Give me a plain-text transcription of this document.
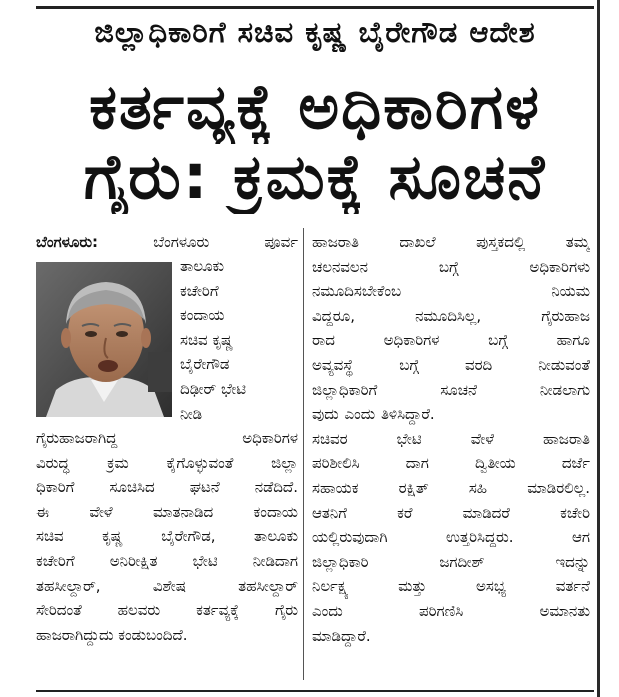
ಜಿಲ್ಲಾಧಿಕಾರಿಗೆ ಸಚಿವ ಕೃಷ್ಣ ಬೈರೇಗೌಡ ಆದೇಶ
ಕರ್ತವ್ಯಕ್ಕೆ ಅಧಿಕಾರಿಗಳ
ಗೈರು: ಕ್ರಮಕ್ಕೆ ಸೂಚನೆ
ಬೆಂಗಳೂರು:	ಬೆಂಗಳೂರು ಪೂರ್ವ
ತಾಲೂಕು
ಕಚೇರಿಗೆ
ಕಂದಾಯ
ಸಚಿವ ಕೃಷ್ಣ
ಬೈರೇಗೌಡ
ದಿಢೀರ್ ಭೇಟಿ
ನೀಡಿ
ಗೈರುಹಾಜರಾಗಿದ್ದ ಅಧಿಕಾರಿಗಳ
ವಿರುದ್ಧ ಕ್ರಮ ಕೈಗೊಳ್ಳುವಂತೆ ಜಿಲ್ಲಾ
ಧಿಕಾರಿಗೆ ಸೂಚಿಸಿದ ಘಟನೆ ನಡೆದಿದೆ.
ಈ ವೇಳೆ ಮಾತನಾಡಿದ ಕಂದಾಯ
ಸಚಿವ ಕೃಷ್ಣ ಬೈರೇಗೌಡ, ತಾಲೂಕು
ಕಚೇರಿಗೆ ಅನಿರೀಕ್ಷಿತ ಭೇಟಿ ನೀಡಿದಾಗ
ತಹಸೀಲ್ದಾರ್, ವಿಶೇಷ ತಹಸೀಲ್ದಾರ್
ಸೇರಿದಂತೆ ಹಲವರು ಕರ್ತವ್ಯಕ್ಕೆ ಗೈರು
ಹಾಜರಾಗಿದ್ದುದು ಕಂಡುಬಂದಿದೆ.
ಹಾಜರಾತಿ ದಾಖಲೆ ಪುಸ್ತಕದಲ್ಲಿ ತಮ್ಮ
ಚಲನವಲನ ಬಗ್ಗೆ ಅಧಿಕಾರಿಗಳು
ನಮೂದಿಸಬೇಕೆಂಬ ನಿಯಮ
ವಿದ್ದರೂ, ನಮೂದಿಸಿಲ್ಲ, ಗೈರುಹಾಜ
ರಾದ ಅಧಿಕಾರಿಗಳ ಬಗ್ಗೆ ಹಾಗೂ
ಅವ್ಯವಸ್ಥೆ ಬಗ್ಗೆ ವರದಿ ನೀಡುವಂತೆ
ಜಿಲ್ಲಾಧಿಕಾರಿಗೆ ಸೂಚನೆ ನೀಡಲಾಗು
ವುದು ಎಂದು ತಿಳಿಸಿದ್ದಾರೆ.
ಸಚಿವರ ಭೇಟಿ ವೇಳೆ ಹಾಜರಾತಿ
ಪರಿಶೀಲಿಸಿ ದಾಗ ದ್ವಿತೀಯ ದರ್ಜೆ
ಸಹಾಯಕ ರಕ್ಷಿತ್ ಸಹಿ ಮಾಡಿರಲಿಲ್ಲ.
ಆತನಿಗೆ ಕರೆ ಮಾಡಿದರೆ ಕಚೇರಿ
ಯಲ್ಲಿರುವುದಾಗಿ ಉತ್ತರಿಸಿದ್ದರು. ಆಗ
ಜಿಲ್ಲಾಧಿಕಾರಿ ಜಗದೀಶ್ ಇದನ್ನು
ನಿರ್ಲಕ್ಷ್ಯ ಮತ್ತು ಅಸಭ್ಯ ವರ್ತನೆ
ಎಂದು ಪರಿಗಣಿಸಿ ಅಮಾನತು
ಮಾಡಿದ್ದಾರೆ.
